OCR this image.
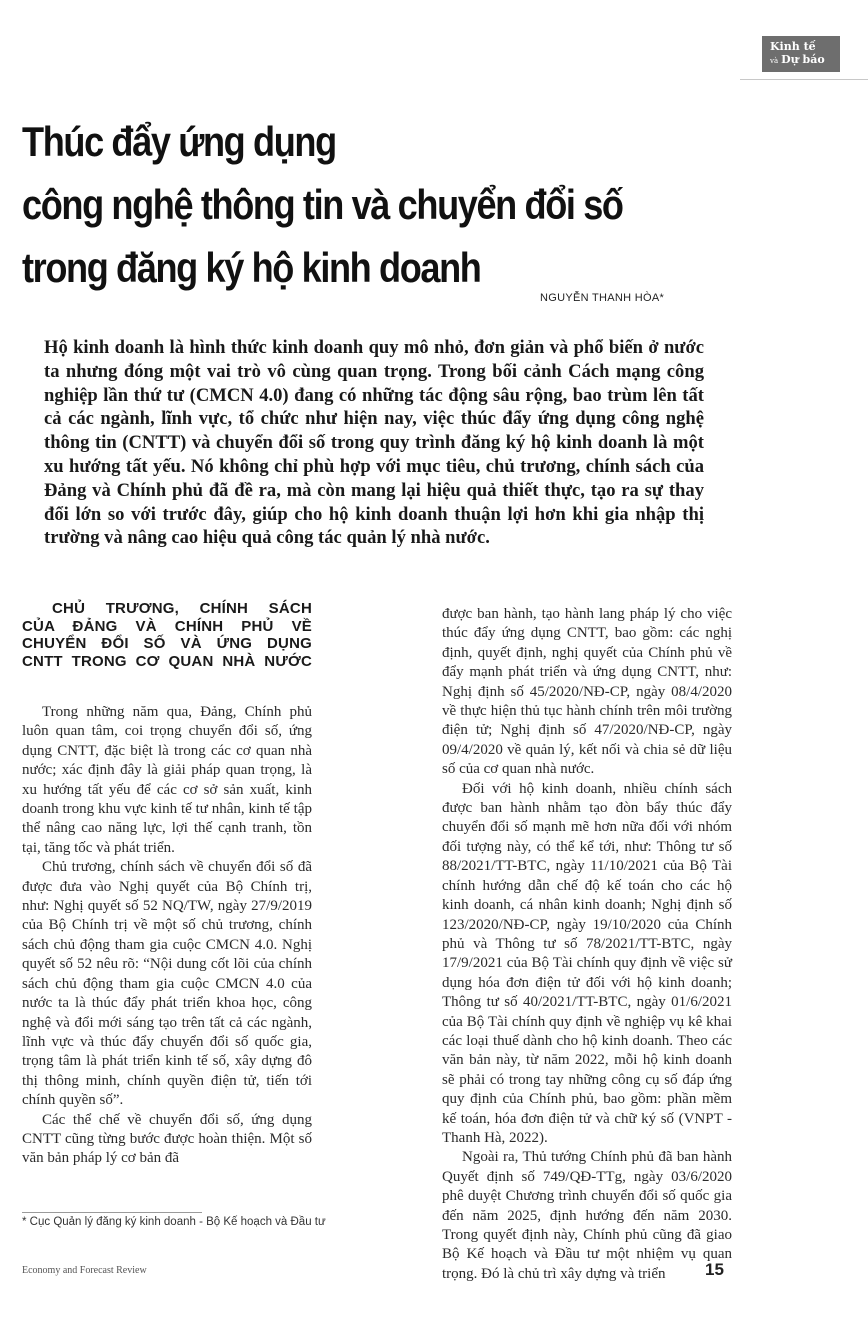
Kinh tế
và Dự báo
Thúc đẩy ứng dụng
công nghệ thông tin và chuyển đổi số
trong đăng ký hộ kinh doanh
NGUYỄN THANH HÒA*

Hộ kinh doanh là hình thức kinh doanh quy mô nhỏ, đơn giản và phổ biến ở nước ta nhưng đóng một vai trò vô cùng quan trọng. Trong bối cảnh Cách mạng công nghiệp lần thứ tư (CMCN 4.0) đang có những tác động sâu rộng, bao trùm lên tất cả các ngành, lĩnh vực, tổ chức như hiện nay, việc thúc đẩy ứng dụng công nghệ thông tin (CNTT) và chuyển đổi số trong quy trình đăng ký hộ kinh doanh là một xu hướng tất yếu. Nó không chỉ phù hợp với mục tiêu, chủ trương, chính sách của Đảng và Chính phủ đã đề ra, mà còn mang lại hiệu quả thiết thực, tạo ra sự thay đổi lớn so với trước đây, giúp cho hộ kinh doanh thuận lợi hơn khi gia nhập thị trường và nâng cao hiệu quả công tác quản lý nhà nước.

CHỦ TRƯƠNG, CHÍNH SÁCH
CỦA ĐẢNG VÀ CHÍNH PHỦ VỀ
CHUYỂN ĐỔI SỐ VÀ ỨNG DỤNG
CNTT TRONG CƠ QUAN NHÀ NƯỚC

Trong những năm qua, Đảng, Chính phủ luôn quan tâm, coi trọng chuyển đổi số, ứng dụng CNTT, đặc biệt là trong các cơ quan nhà nước; xác định đây là giải pháp quan trọng, là xu hướng tất yếu để các cơ sở sản xuất, kinh doanh trong khu vực kinh tế tư nhân, kinh tế tập thể nâng cao năng lực, lợi thế cạnh tranh, tồn tại, tăng tốc và phát triển.

Chủ trương, chính sách về chuyển đổi số đã được đưa vào Nghị quyết của Bộ Chính trị, như: Nghị quyết số 52 NQ/TW, ngày 27/9/2019 của Bộ Chính trị về một số chủ trương, chính sách chủ động tham gia cuộc CMCN 4.0. Nghị quyết số 52 nêu rõ: “Nội dung cốt lõi của chính sách chủ động tham gia cuộc CMCN 4.0 của nước ta là thúc đẩy phát triển khoa học, công nghệ và đổi mới sáng tạo trên tất cả các ngành, lĩnh vực và thúc đẩy chuyển đổi số quốc gia, trọng tâm là phát triển kinh tế số, xây dựng đô thị thông minh, chính quyền điện tử, tiến tới chính quyền số”.

Các thể chế về chuyển đổi số, ứng dụng CNTT cũng từng bước được hoàn thiện. Một số văn bản pháp lý cơ bản đã

được ban hành, tạo hành lang pháp lý cho việc thúc đẩy ứng dụng CNTT, bao gồm: các nghị định, quyết định, nghị quyết của Chính phủ về đẩy mạnh phát triển và ứng dụng CNTT, như: Nghị định số 45/2020/NĐ-CP, ngày 08/4/2020 về thực hiện thủ tục hành chính trên môi trường điện tử; Nghị định số 47/2020/NĐ-CP, ngày 09/4/2020 về quản lý, kết nối và chia sẻ dữ liệu số của cơ quan nhà nước.

Đối với hộ kinh doanh, nhiều chính sách được ban hành nhằm tạo đòn bẩy thúc đẩy chuyển đổi số mạnh mẽ hơn nữa đối với nhóm đối tượng này, có thể kể tới, như: Thông tư số 88/2021/TT-BTC, ngày 11/10/2021 của Bộ Tài chính hướng dẫn chế độ kế toán cho các hộ kinh doanh, cá nhân kinh doanh; Nghị định số 123/2020/NĐ-CP, ngày 19/10/2020 của Chính phủ và Thông tư số 78/2021/TT-BTC, ngày 17/9/2021 của Bộ Tài chính quy định về việc sử dụng hóa đơn điện tử đối với hộ kinh doanh; Thông tư số 40/2021/TT-BTC, ngày 01/6/2021 của Bộ Tài chính quy định về nghiệp vụ kê khai các loại thuế dành cho hộ kinh doanh. Theo các văn bản này, từ năm 2022, mỗi hộ kinh doanh sẽ phải có trong tay những công cụ số đáp ứng quy định của Chính phủ, bao gồm: phần mềm kế toán, hóa đơn điện tử và chữ ký số (VNPT - Thanh Hà, 2022).

Ngoài ra, Thủ tướng Chính phủ đã ban hành Quyết định số 749/QĐ-TTg, ngày 03/6/2020 phê duyệt Chương trình chuyển đổi số quốc gia đến năm 2025, định hướng đến năm 2030. Trong quyết định này, Chính phủ cũng đã giao Bộ Kế hoạch và Đầu tư một nhiệm vụ quan trọng. Đó là chủ trì xây dựng và triển

* Cục Quản lý đăng ký kinh doanh - Bộ Kế hoạch và Đầu tư
Economy and Forecast Review	15
